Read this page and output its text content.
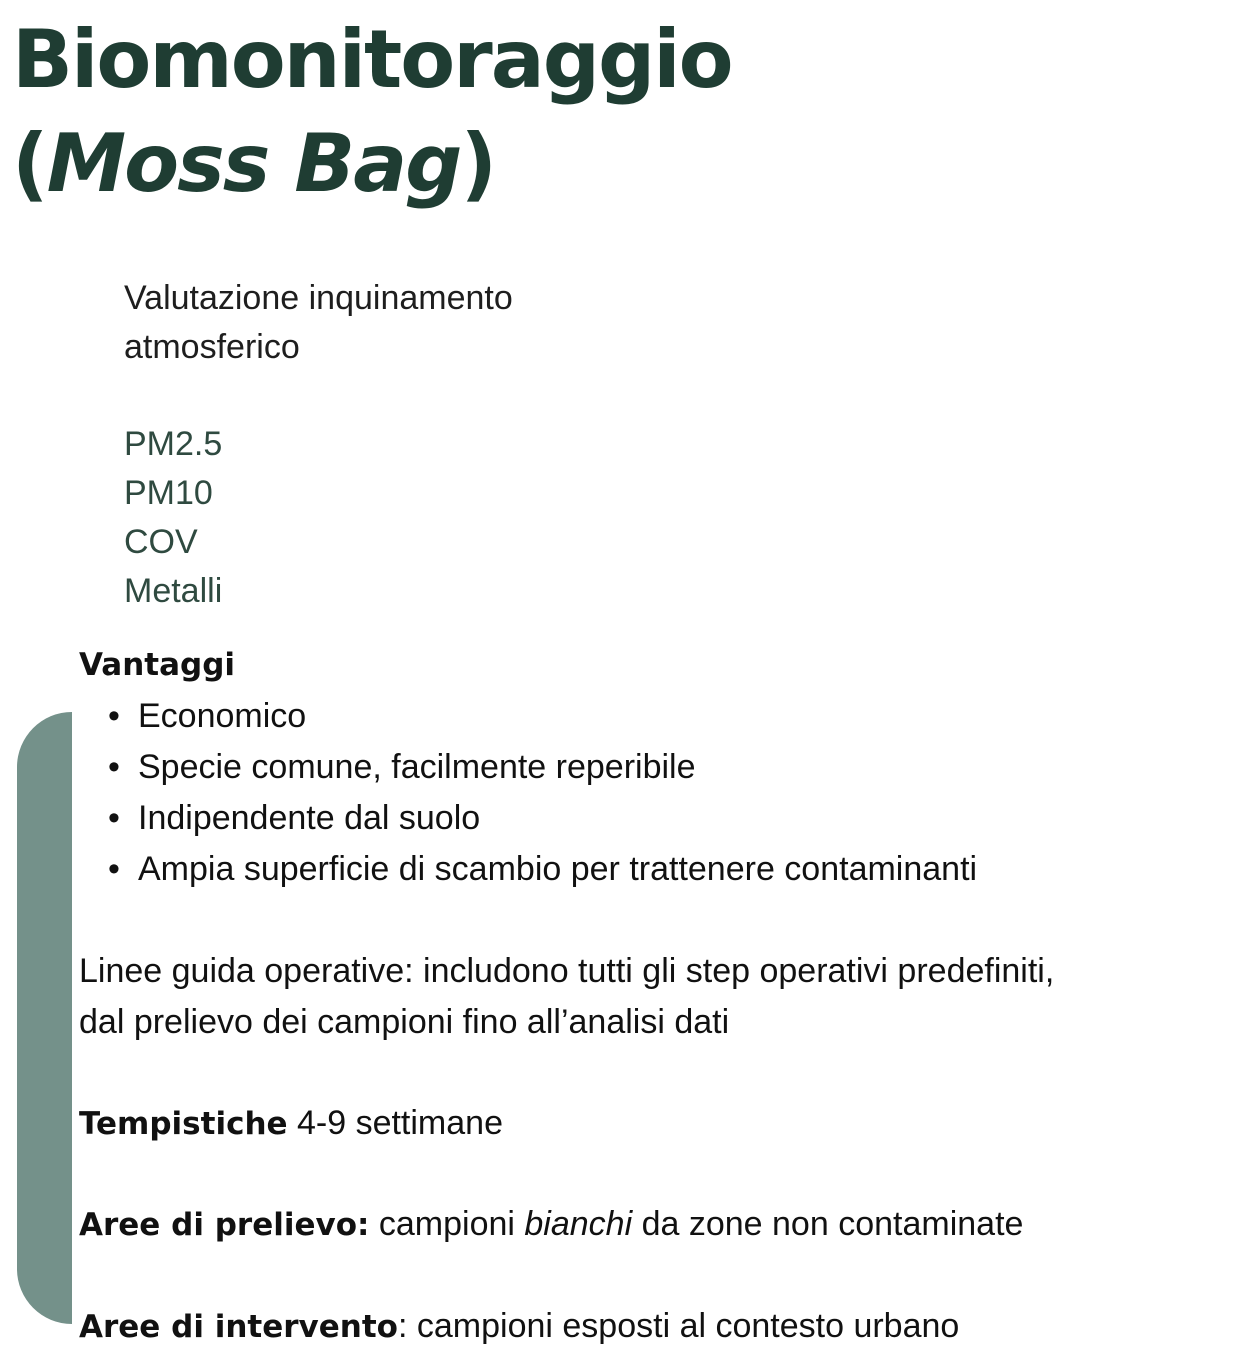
Biomonitoraggio
(Moss Bag)
Valutazione inquinamento
atmosferico
PM2.5
PM10
COV
Metalli
Vantaggi
• Economico
• Specie comune, facilmente reperibile
• Indipendente dal suolo
• Ampia superficie di scambio per trattenere contaminanti
Linee guida operative: includono tutti gli step operativi predefiniti,
dal prelievo dei campioni fino all’analisi dati

Tempistiche 4-9 settimane

Aree di prelievo: campioni bianchi da zone non contaminate

Aree di intervento: campioni esposti al contesto urbano
